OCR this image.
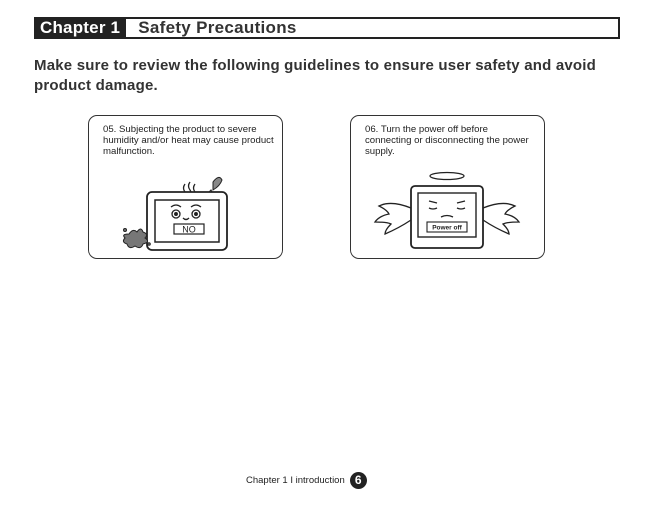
Chapter 1	Safety Precautions
Make sure to review the following guidelines to ensure user safety and avoid product damage.
05. Subjecting the product to severe humidity and/or heat may cause product malfunction.
NO
06. Turn the power off before connecting or disconnecting the power supply.
Power off
Chapter 1 I introduction 6
